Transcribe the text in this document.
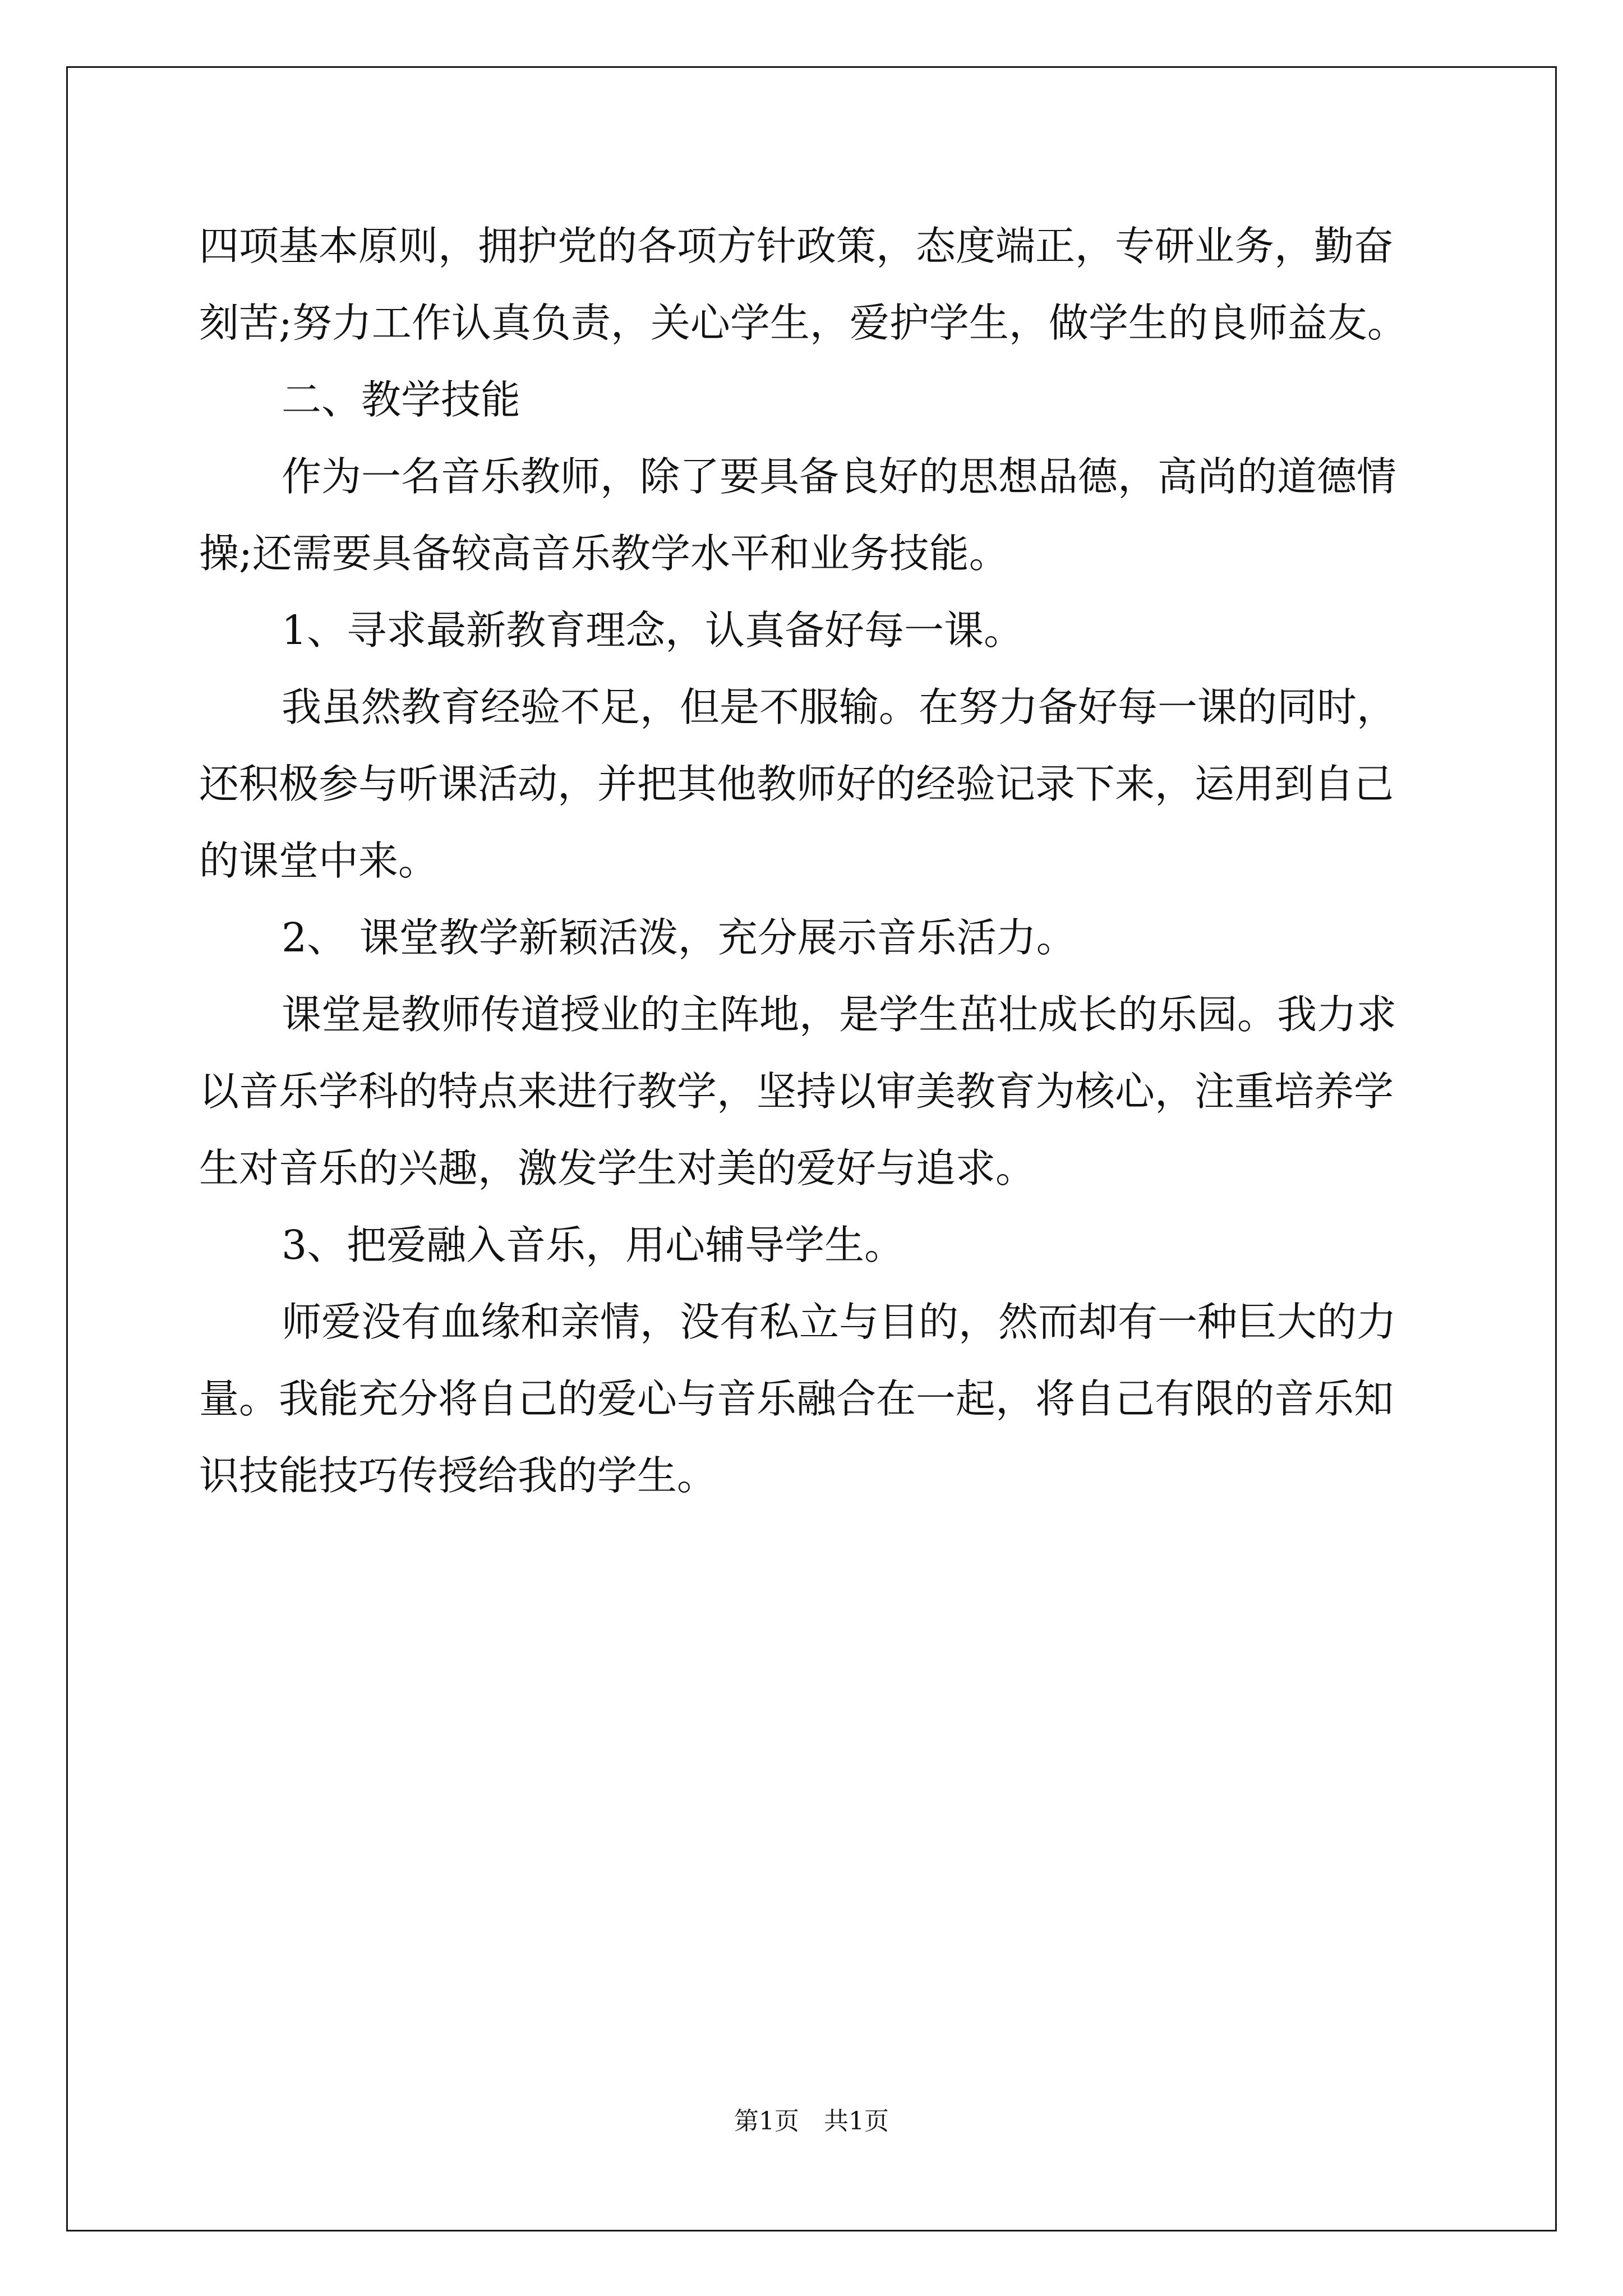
四项基本原则，拥护党的各项方针政策，态度端正，专研业务，勤奋
刻苦;努力工作认真负责，关心学生，爱护学生，做学生的良师益友。
二、教学技能
作为一名音乐教师，除了要具备良好的思想品德，高尚的道德情
操;还需要具备较高音乐教学水平和业务技能。
1、寻求最新教育理念，认真备好每一课。
我虽然教育经验不足，但是不服输。在努力备好每一课的同时，
还积极参与听课活动，并把其他教师好的经验记录下来，运用到自己
的课堂中来。
2、 课堂教学新颖活泼，充分展示音乐活力。
课堂是教师传道授业的主阵地，是学生茁壮成长的乐园。我力求
以音乐学科的特点来进行教学，坚持以审美教育为核心，注重培养学
生对音乐的兴趣，激发学生对美的爱好与追求。
3、把爱融入音乐，用心辅导学生。
师爱没有血缘和亲情，没有私立与目的，然而却有一种巨大的力
量。我能充分将自己的爱心与音乐融合在一起，将自己有限的音乐知
识技能技巧传授给我的学生。
第1页　共1页
